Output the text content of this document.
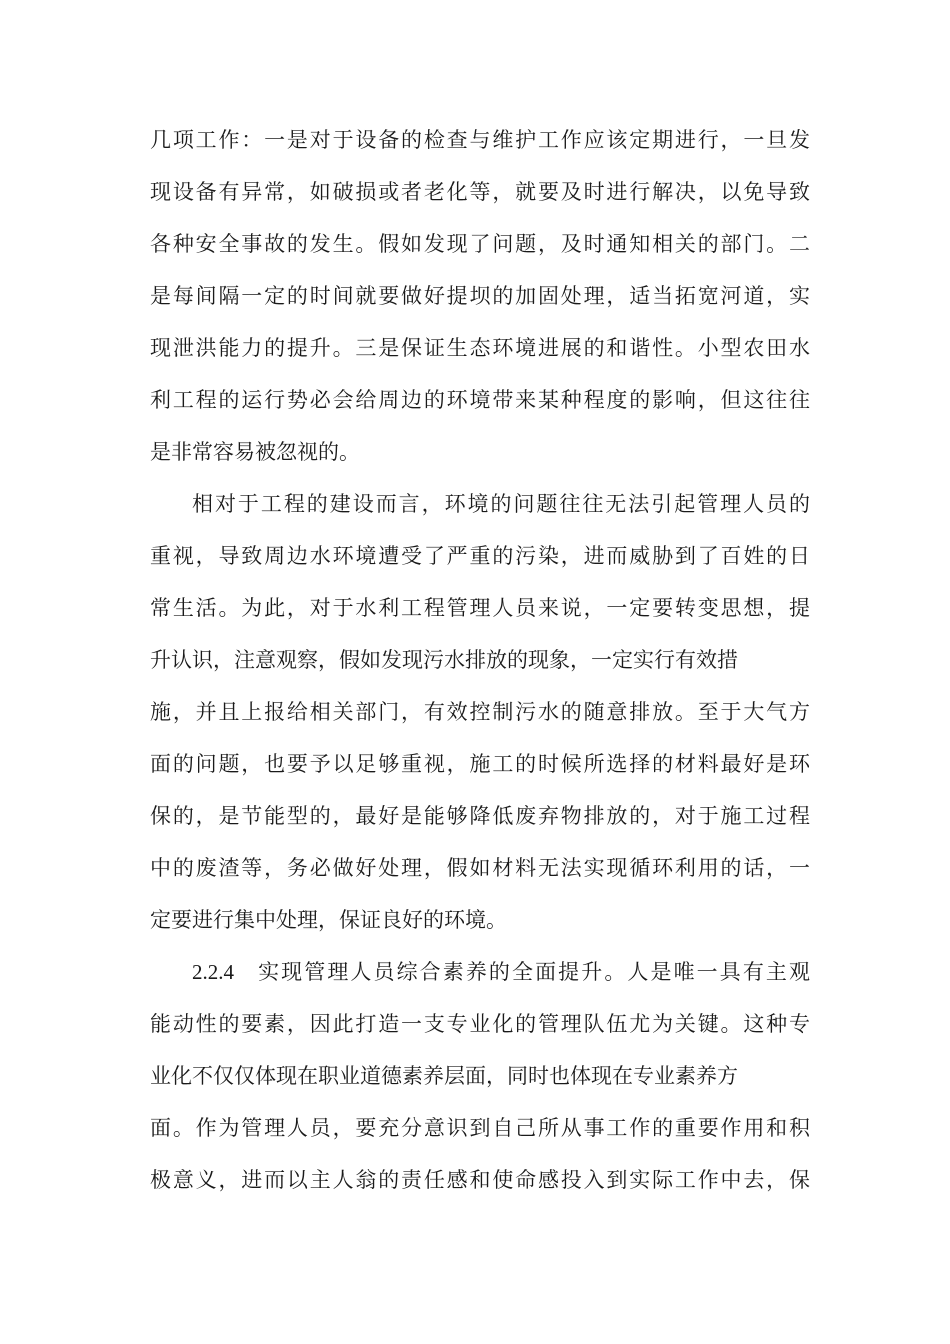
几项工作：一是对于设备的检查与维护工作应该定期进行，一旦发
现设备有异常，如破损或者老化等，就要及时进行解决，以免导致
各种安全事故的发生。假如发现了问题，及时通知相关的部门。二
是每间隔一定的时间就要做好提坝的加固处理，适当拓宽河道，实
现泄洪能力的提升。三是保证生态环境进展的和谐性。小型农田水
利工程的运行势必会给周边的环境带来某种程度的影响，但这往往
是非常容易被忽视的。
相对于工程的建设而言，环境的问题往往无法引起管理人员的
重视，导致周边水环境遭受了严重的污染，进而威胁到了百姓的日
常生活。为此，对于水利工程管理人员来说，一定要转变思想，提
升认识，注意观察，假如发现污水排放的现象，一定实行有效措
施，并且上报给相关部门，有效控制污水的随意排放。至于大气方
面的问题，也要予以足够重视，施工的时候所选择的材料最好是环
保的，是节能型的，最好是能够降低废弃物排放的，对于施工过程
中的废渣等，务必做好处理，假如材料无法实现循环利用的话，一
定要进行集中处理，保证良好的环境。
2.2.4 实现管理人员综合素养的全面提升。人是唯一具有主观
能动性的要素，因此打造一支专业化的管理队伍尤为关键。这种专
业化不仅仅体现在职业道德素养层面，同时也体现在专业素养方
面。作为管理人员，要充分意识到自己所从事工作的重要作用和积
极意义，进而以主人翁的责任感和使命感投入到实际工作中去，保
